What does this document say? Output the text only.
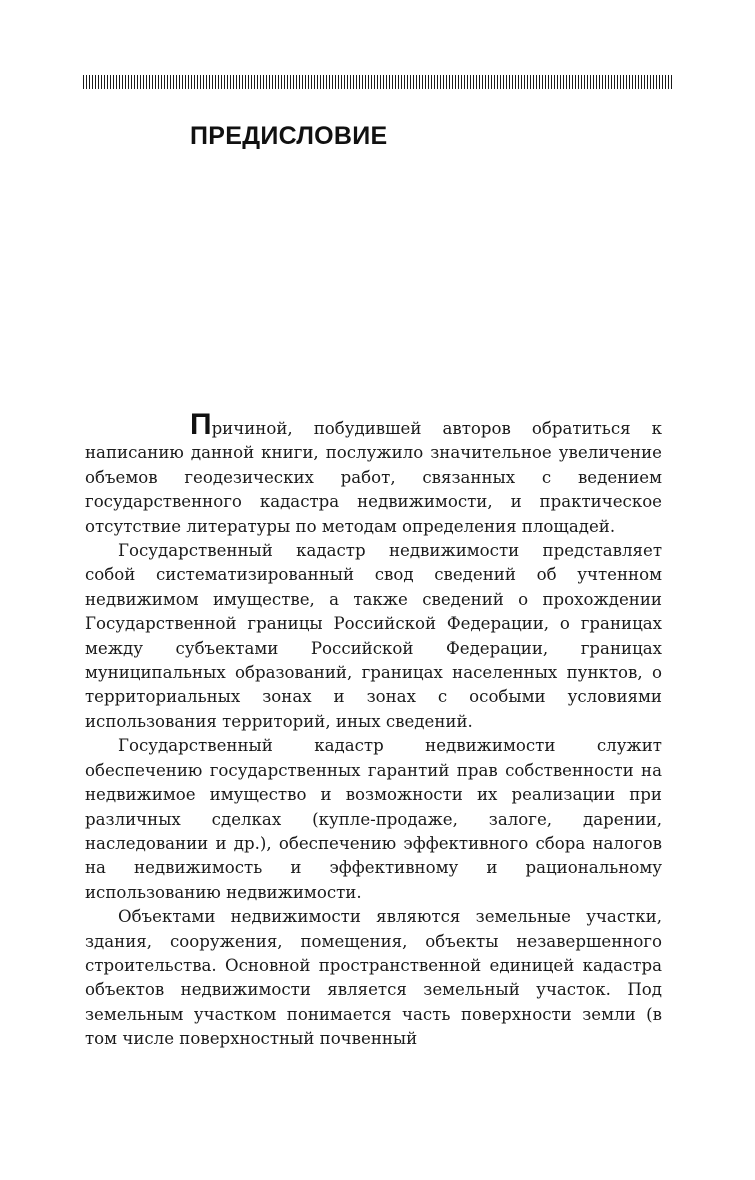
ПРЕДИСЛОВИЕ

Причиной, побудившей авторов обратиться к написанию данной книги, послужило значительное увеличение объемов геодезических работ, связанных с ведением государственного кадастра недвижимости, и практическое отсутствие литературы по методам определения площадей.

Государственный кадастр недвижимости представляет собой систематизированный свод сведений об учтенном недвижимом имуществе, а также сведений о прохождении Государственной границы Российской Федерации, о границах между субъектами Российской Федерации, границах муниципальных образований, границах населенных пунктов, о территориальных зонах и зонах с особыми условиями использования территорий, иных сведений.

Государственный кадастр недвижимости служит обеспечению государственных гарантий прав собственности на недвижимое имущество и возможности их реализации при различных сделках (купле-продаже, залоге, дарении, наследовании и др.), обеспечению эффективного сбора налогов на недвижимость и эффективному и рациональному использованию недвижимости.

Объектами недвижимости являются земельные участки, здания, сооружения, помещения, объекты незавершенного строительства. Основной пространственной единицей кадастра объектов недвижимости является земельный участок. Под земельным участком понимается часть поверхности земли (в том числе поверхностный почвенный
